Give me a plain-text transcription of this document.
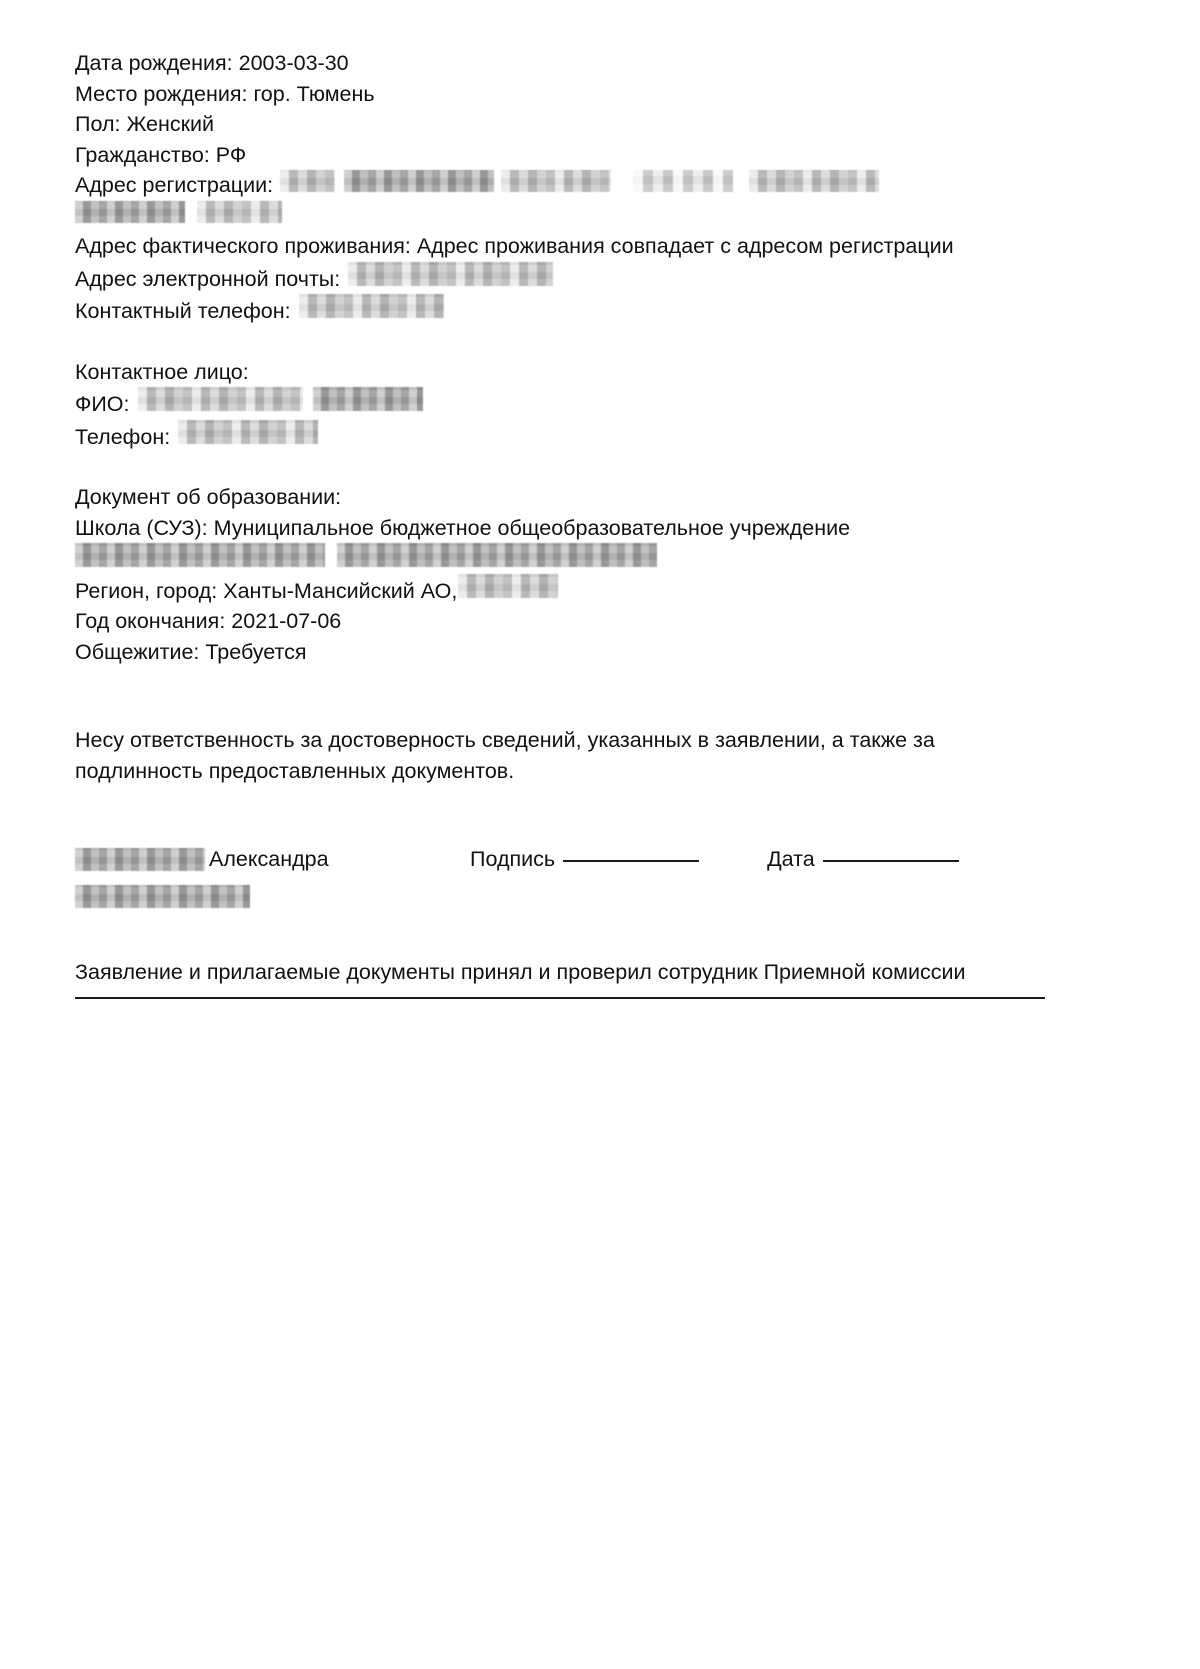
Дата рождения: 2003-03-30
Место рождения: гор. Тюмень
Пол: Женский
Гражданство: РФ
Адрес регистрации:
Адрес фактического проживания: Адрес проживания совпадает с адресом регистрации
Адрес электронной почты:
Контактный телефон:
Контактное лицо:
ФИО:
Телефон:
Документ об образовании:
Школа (СУЗ): Муниципальное бюджетное общеобразовательное учреждение
Регион, город: Ханты-Мансийский АО,
Год окончания: 2021-07-06
Общежитие: Требуется
Несу ответственность за достоверность сведений, указанных в заявлении, а также за
подлинность предоставленных документов.
Александра	Подпись	Дата
Заявление и прилагаемые документы принял и проверил сотрудник Приемной комиссии
